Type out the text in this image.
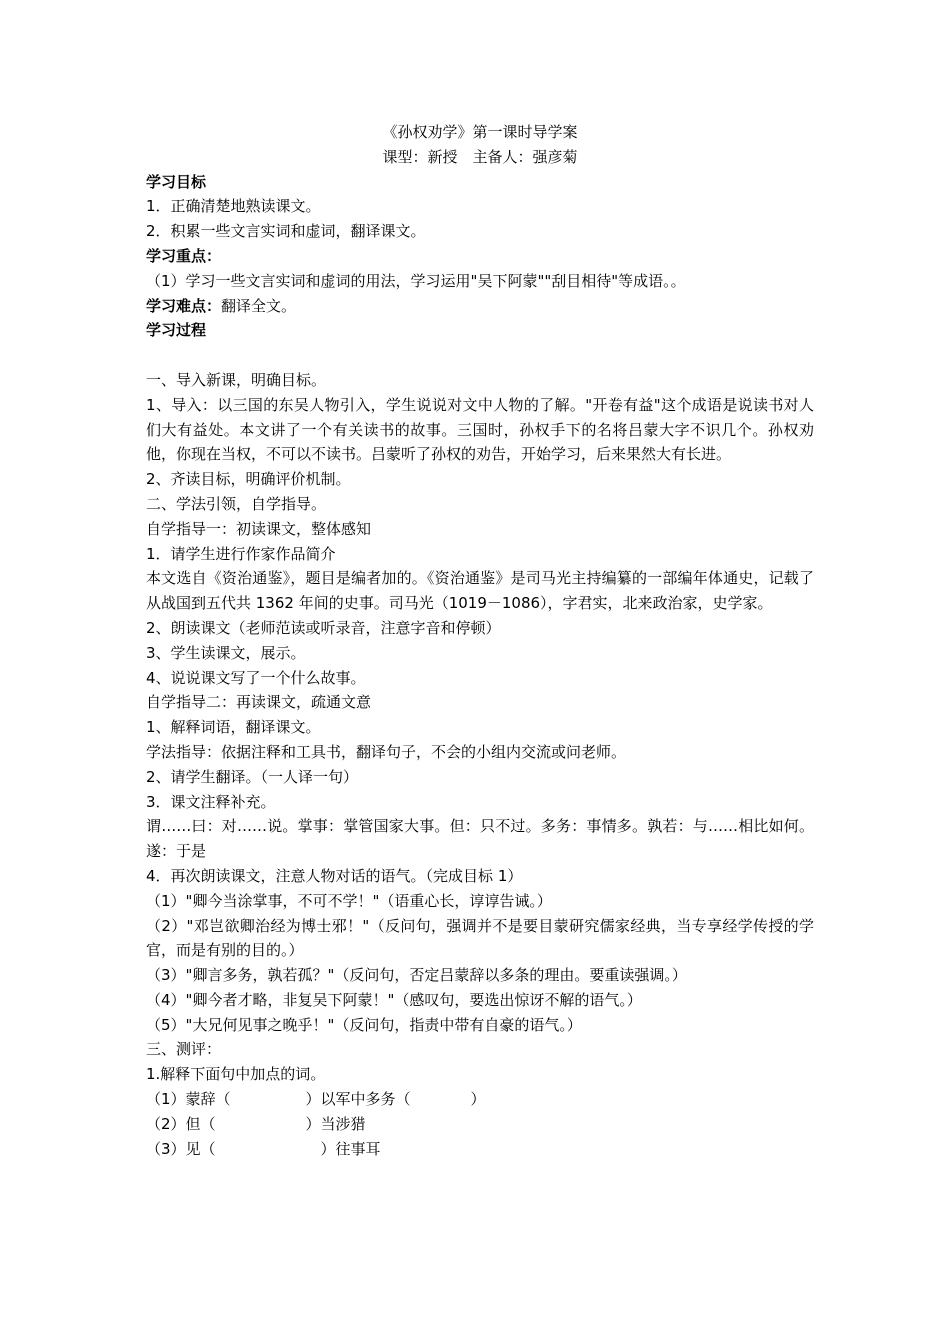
《孙权劝学》第一课时导学案
课型：新授　主备人：强彦菊
学习目标
1．正确清楚地熟读课文。
2．积累一些文言实词和虚词，翻译课文。
学习重点：
（1）学习一些文言实词和虚词的用法，学习运用"吴下阿蒙""刮目相待"等成语。。
学习难点：翻译全文。
学习过程
一、导入新课，明确目标。
1、导入：以三国的东吴人物引入，学生说说对文中人物的了解。"开卷有益"这个成语是说读书对人们大有益处。本文讲了一个有关读书的故事。三国时，孙权手下的名将吕蒙大字不识几个。孙权劝他，你现在当权，不可以不读书。吕蒙听了孙权的劝告，开始学习，后来果然大有长进。
2、齐读目标，明确评价机制。
二、学法引领，自学指导。
自学指导一：初读课文，整体感知
1．请学生进行作家作品简介
本文选自《资治通鉴》，题目是编者加的。《资治通鉴》是司马光主持编纂的一部编年体通史，记载了从战国到五代共 1362 年间的史事。司马光（1019－1086），字君实，北来政治家，史学家。
2、朗读课文（老师范读或听录音，注意字音和停顿）
3、学生读课文，展示。
4、说说课文写了一个什么故事。
自学指导二：再读课文，疏通文意
1、解释词语，翻译课文。
学法指导：依据注释和工具书，翻译句子，不会的小组内交流或问老师。
2、请学生翻译。（一人译一句）
3．课文注释补充。
谓……曰：对……说。掌事：掌管国家大事。但：只不过。多务：事情多。孰若：与……相比如何。遂：于是
4．再次朗读课文，注意人物对话的语气。（完成目标 1）
（1）"卿今当涂掌事，不可不学！"（语重心长，谆谆告诫。）
（2）"邓岂欲卿治经为博士邪！"（反问句，强调并不是要目蒙研究儒家经典，当专享经学传授的学官，而是有别的目的。）
（3）"卿言多务，孰若孤？"（反问句，否定吕蒙辞以多条的理由。要重读强调。）
（4）"卿今者才略，非复吴下阿蒙！"（感叹句，要选出惊讶不解的语气。）
（5）"大兄何见事之晚乎！"（反问句，指责中带有自豪的语气。）
三、测评：
1.解释下面句中加点的词。
（1）蒙辞（　　　　　）以军中多务（　　　　）
（2）但（　　　　　　）当涉猎
（3）见（　　　　　　　）往事耳
